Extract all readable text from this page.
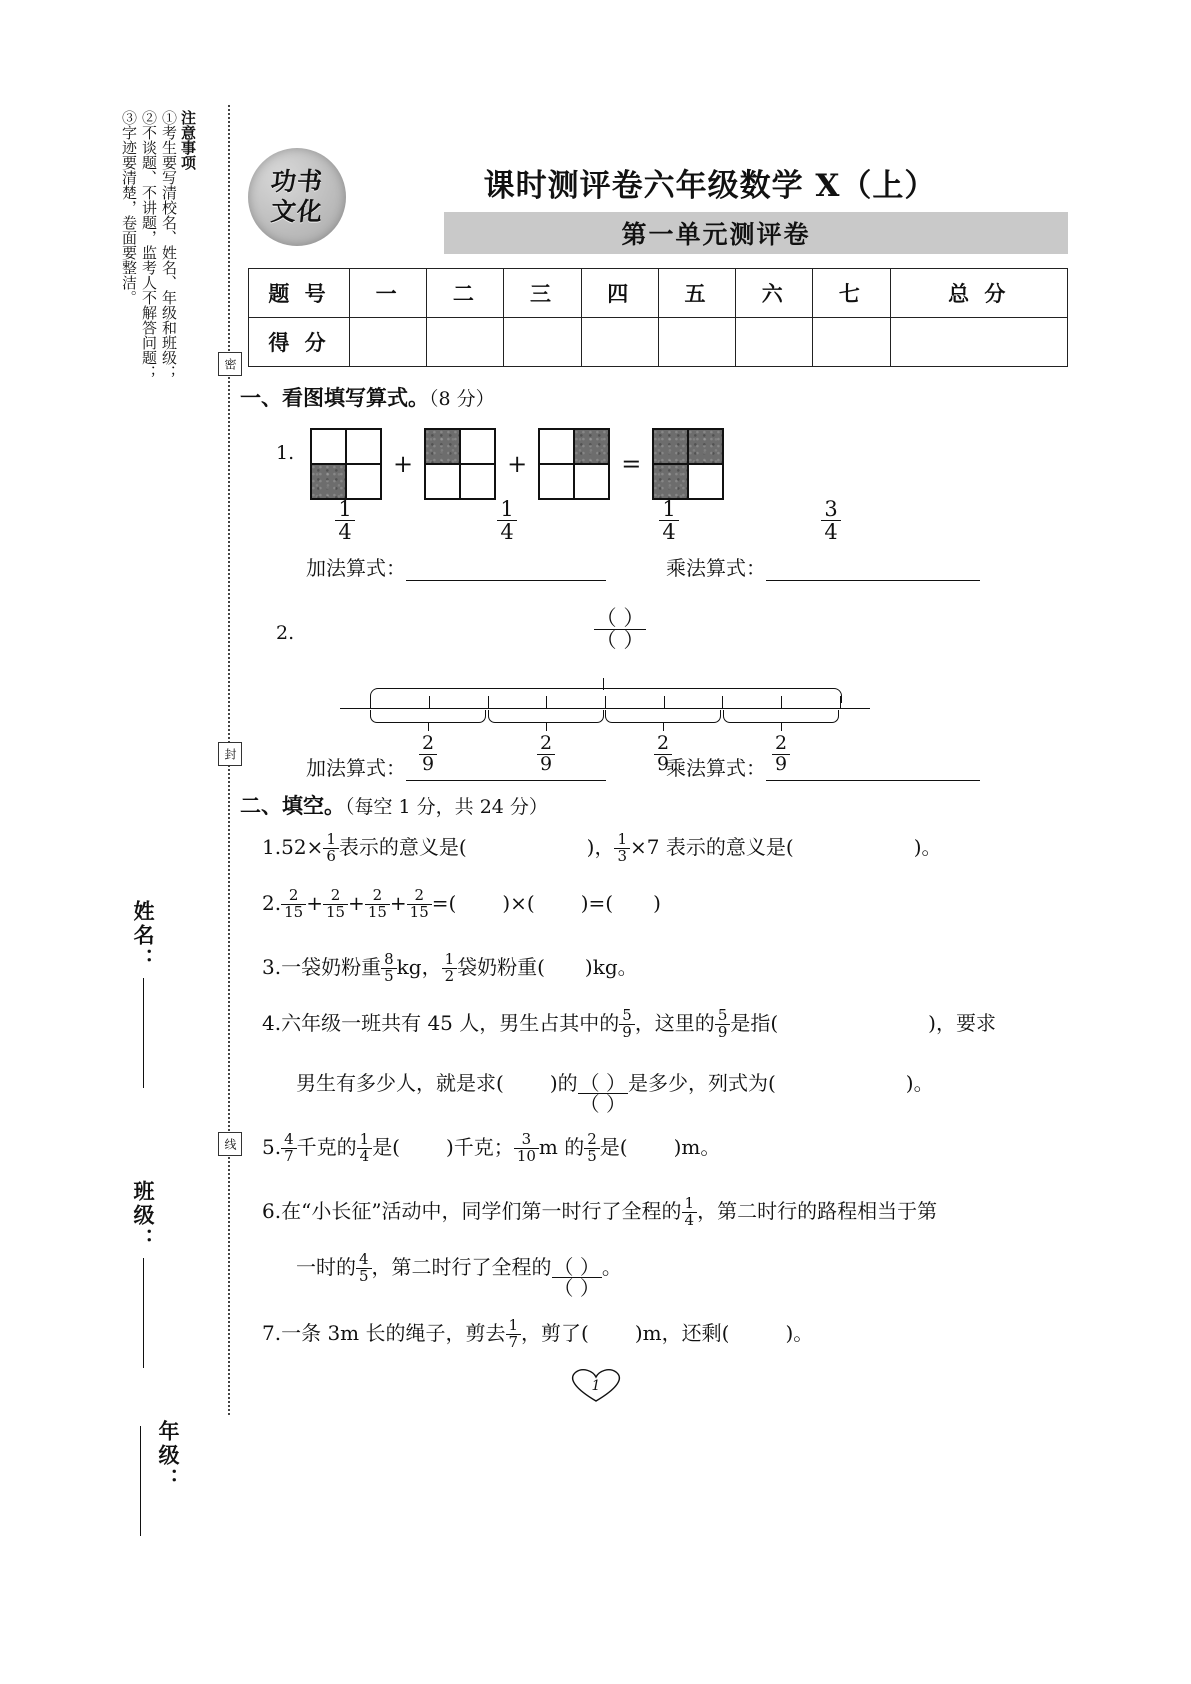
注意事项
①考生要写清校名、姓名、年级和班级；
②不谈题、不讲题，监考人不解答问题；
③字迹要清楚，卷面要整洁。
姓名：
班级：
年级：
密
封
线
功书
文化
课时测评卷六年级数学 X（上）
第一单元测评卷
题 号	一	二	三	四	五	六	七	总 分
得 分								
一、看图填写算式。（8 分）
1.	+	+	=
$\frac{1}{4}$	$\frac{1}{4}$	$\frac{1}{4}$	$\frac{3}{4}$
加法算式：	乘法算式：
2.	$\frac{( )}{( )}$
$\frac{2}{9}$	$\frac{2}{9}$	$\frac{2}{9}$	$\frac{2}{9}$
加法算式：	乘法算式：
二、填空。（每空 1 分，共 24 分）
$1.52\times \frac{1}{6}$ 表示的意义是(	)， $\frac{1}{3} \times 7$ 表示的意义是(	)。
2. $\frac{2}{15} + \frac{2}{15} + \frac{2}{15} + \frac{2}{15}$ =( )×( )=( )
3.一袋奶粉重 $\frac{8}{5}$ kg， $\frac{1}{2}$ 袋奶粉重( )kg。
4.六年级一班共有 45 人，男生占其中的 $\frac{5}{9}$ ，这里的 $\frac{5}{9}$ 是指(	)，要求
男生有多少人，就是求( )的 $\frac{( )}{( )}$ 是多少，列式为(	)。
5. $\frac{4}{7}$ 千克的 $\frac{1}{4}$ 是( )千克； $\frac{3}{10}$ m 的 $\frac{2}{5}$ 是( )m。
6.在“小长征”活动中，同学们第一时行了全程的 $\frac{1}{4}$ ，第二时行的路程相当于第
一时的 $\frac{4}{5}$ ，第二时行了全程的 $\frac{( )}{( )}$ 。
7.一条 3m 长的绳子，剪去 $\frac{1}{7}$ ，剪了( )m，还剩(	)。
1
